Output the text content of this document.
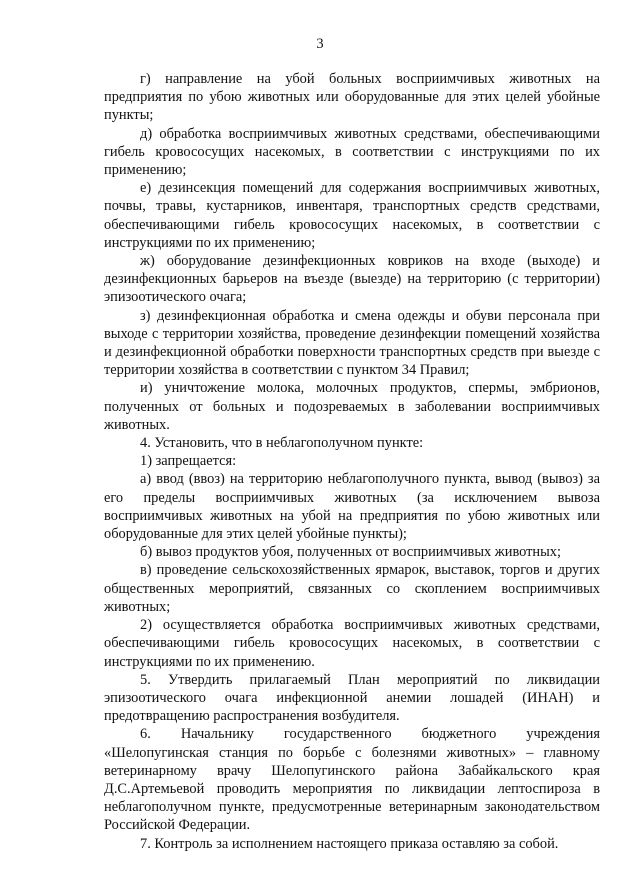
3

г) направление на убой больных восприимчивых животных на предприятия по убою животных или оборудованные для этих целей убойные пункты;

д) обработка восприимчивых животных средствами, обеспечивающими гибель кровососущих насекомых, в соответствии с инструкциями по их применению;

е) дезинсекция помещений для содержания восприимчивых животных, почвы, травы, кустарников, инвентаря, транспортных средств средствами, обеспечивающими гибель кровососущих насекомых, в соответствии с инструкциями по их применению;

ж) оборудование дезинфекционных ковриков на входе (выходе) и дезинфекционных барьеров на въезде (выезде) на территорию (с территории) эпизоотического очага;

з) дезинфекционная обработка и смена одежды и обуви персонала при выходе с территории хозяйства, проведение дезинфекции помещений хозяйства и дезинфекционной обработки поверхности транспортных средств при выезде с территории хозяйства в соответствии с пунктом 34 Правил;

и) уничтожение молока, молочных продуктов, спермы, эмбрионов, полученных от больных и подозреваемых в заболевании восприимчивых животных.

4. Установить, что в неблагополучном пункте:

1) запрещается:

а) ввод (ввоз) на территорию неблагополучного пункта, вывод (вывоз) за его пределы восприимчивых животных (за исключением вывоза восприимчивых животных на убой на предприятия по убою животных или оборудованные для этих целей убойные пункты);

б) вывоз продуктов убоя, полученных от восприимчивых животных;

в) проведение сельскохозяйственных ярмарок, выставок, торгов и других общественных мероприятий, связанных со скоплением восприимчивых животных;

2) осуществляется обработка восприимчивых животных средствами, обеспечивающими гибель кровососущих насекомых, в соответствии с инструкциями по их применению.

5. Утвердить прилагаемый План мероприятий по ликвидации эпизоотического очага инфекционной анемии лошадей (ИНАН) и предотвращению распространения возбудителя.

6. Начальнику государственного бюджетного учреждения «Шелопугинская станция по борьбе с болезнями животных» – главному ветеринарному врачу Шелопугинского района Забайкальского края Д.С.Артемьевой проводить мероприятия по ликвидации лептоспироза в неблагополучном пункте, предусмотренные ветеринарным законодательством Российской Федерации.

7. Контроль за исполнением настоящего приказа оставляю за собой.
